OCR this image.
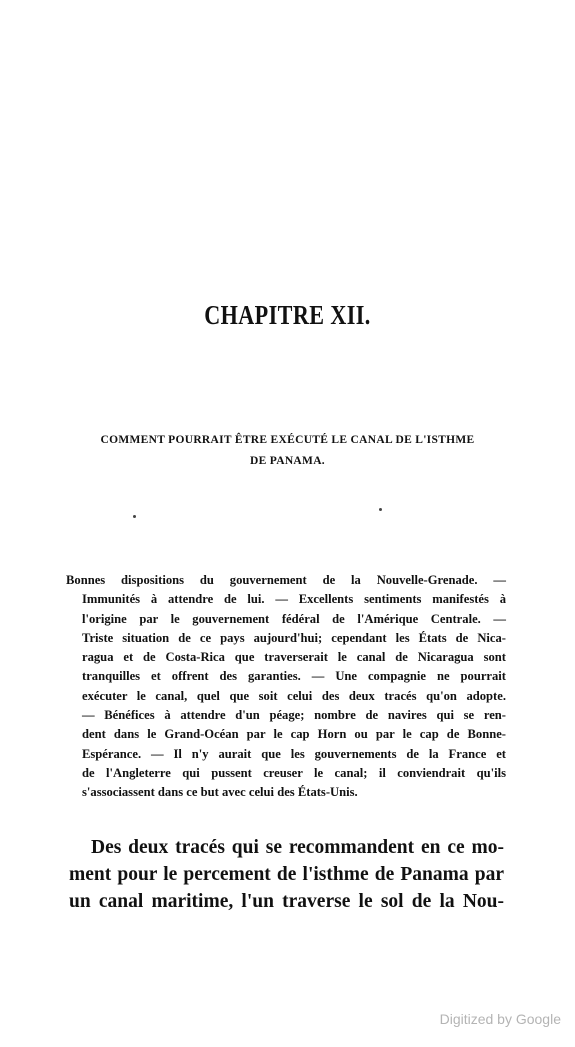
CHAPITRE XII.
COMMENT POURRAIT ÊTRE EXÉCUTÉ LE CANAL DE L'ISTHME
DE PANAMA.
Bonnes dispositions du gouvernement de la Nouvelle-Grenade. —
Immunités à attendre de lui. — Excellents sentiments manifestés à
l'origine par le gouvernement fédéral de l'Amérique Centrale. —
Triste situation de ce pays aujourd'hui; cependant les États de Nica-
ragua et de Costa-Rica que traverserait le canal de Nicaragua sont
tranquilles et offrent des garanties. — Une compagnie ne pourrait
exécuter le canal, quel que soit celui des deux tracés qu'on adopte.
— Bénéfices à attendre d'un péage; nombre de navires qui se ren-
dent dans le Grand-Océan par le cap Horn ou par le cap de Bonne-
Espérance. — Il n'y aurait que les gouvernements de la France et
de l'Angleterre qui pussent creuser le canal; il conviendrait qu'ils
s'associassent dans ce but avec celui des États-Unis.
Des deux tracés qui se recommandent en ce mo-
ment pour le percement de l'isthme de Panama par
un canal maritime, l'un traverse le sol de la Nou-
Digitized by Google
